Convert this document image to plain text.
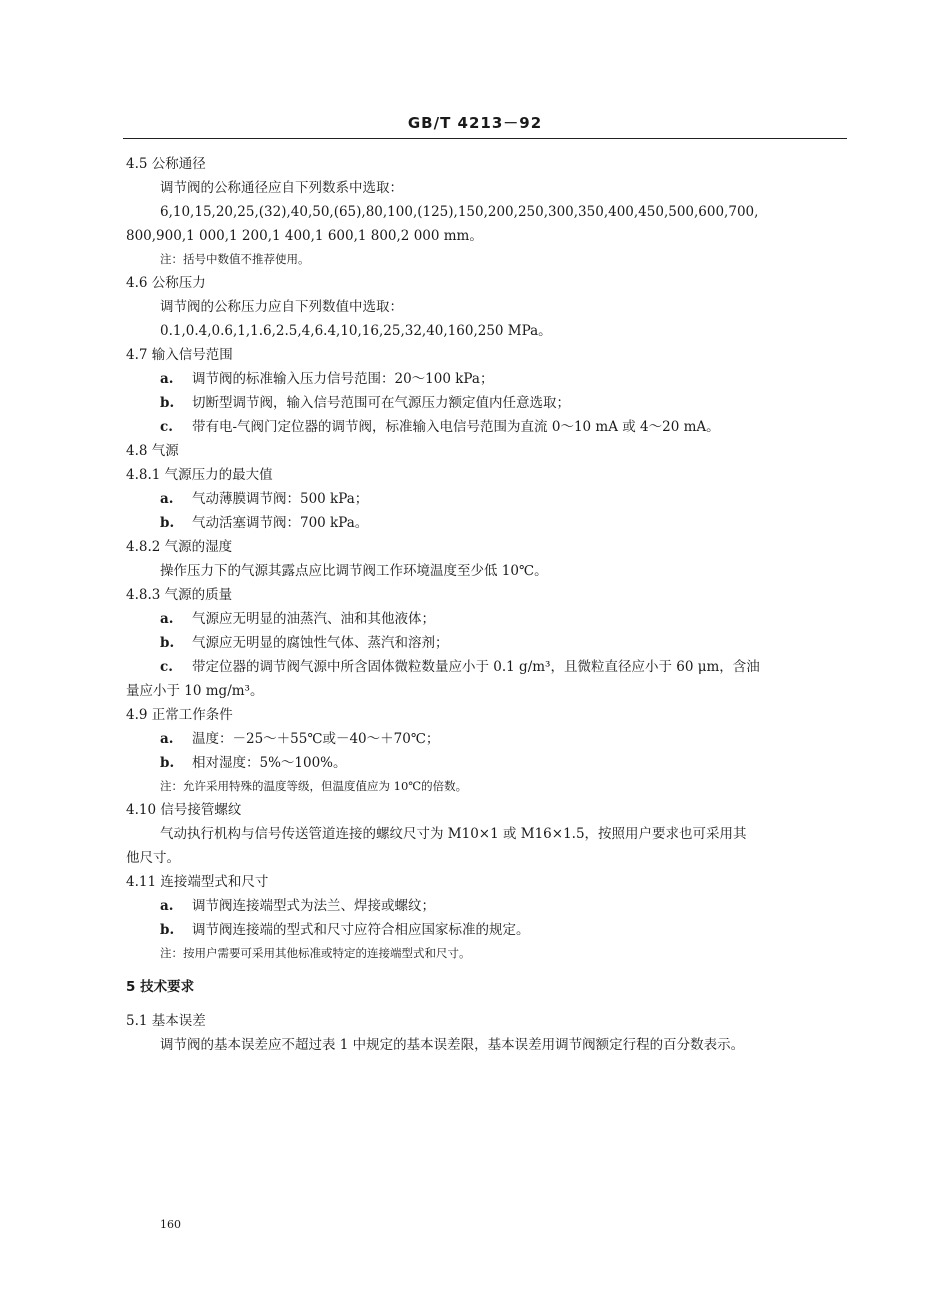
GB/T 4213－92
4.5 公称通径
调节阀的公称通径应自下列数系中选取：
6,10,15,20,25,(32),40,50,(65),80,100,(125),150,200,250,300,350,400,450,500,600,700,
800,900,1 000,1 200,1 400,1 600,1 800,2 000 mm。
注：括号中数值不推荐使用。
4.6 公称压力
调节阀的公称压力应自下列数值中选取：
0.1,0.4,0.6,1,1.6,2.5,4,6.4,10,16,25,32,40,160,250 MPa。
4.7 输入信号范围
a. 调节阀的标准输入压力信号范围：20～100 kPa；
b. 切断型调节阀，输入信号范围可在气源压力额定值内任意选取；
c. 带有电-气阀门定位器的调节阀，标准输入电信号范围为直流 0～10 mA 或 4～20 mA。
4.8 气源
4.8.1 气源压力的最大值
a. 气动薄膜调节阀：500 kPa；
b. 气动活塞调节阀：700 kPa。
4.8.2 气源的湿度
操作压力下的气源其露点应比调节阀工作环境温度至少低 10℃。
4.8.3 气源的质量
a. 气源应无明显的油蒸汽、油和其他液体；
b. 气源应无明显的腐蚀性气体、蒸汽和溶剂；
c. 带定位器的调节阀气源中所含固体微粒数量应小于 0.1 g/m³，且微粒直径应小于 60 μm，含油
量应小于 10 mg/m³。
4.9 正常工作条件
a. 温度：－25～＋55℃或－40～＋70℃；
b. 相对湿度：5%～100%。
注：允许采用特殊的温度等级，但温度值应为 10℃的倍数。
4.10 信号接管螺纹
气动执行机构与信号传送管道连接的螺纹尺寸为 M10×1 或 M16×1.5，按照用户要求也可采用其
他尺寸。
4.11 连接端型式和尺寸
a. 调节阀连接端型式为法兰、焊接或螺纹；
b. 调节阀连接端的型式和尺寸应符合相应国家标准的规定。
注：按用户需要可采用其他标准或特定的连接端型式和尺寸。
5 技术要求
5.1 基本误差
调节阀的基本误差应不超过表 1 中规定的基本误差限，基本误差用调节阀额定行程的百分数表示。
160
